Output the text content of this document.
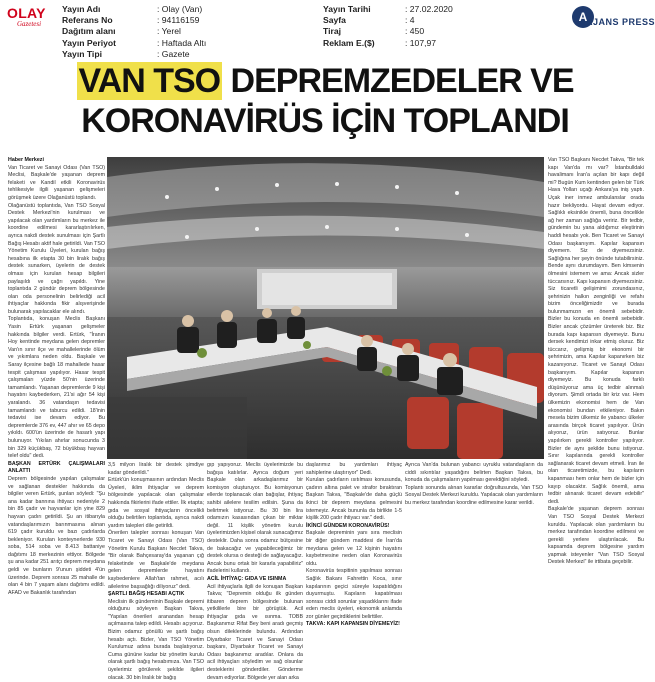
OLAY
Gazetesi
Yayın Adı	: Olay (Van)
Referans No	: 94116159
Dağıtım alanı	: Yerel
Yayın Periyot	: Haftada Altı
Yayın Tipi	: Gazete
Yayın Tarihi	: 27.02.2020
Sayfa	: 4
Tiraj	: 450
Reklam E.($)	: 107,97
A
AJANS PRESS
VAN TSO DEPREMZEDELER VE
KORONAVİRÜS İÇİN TOPLANDI

Haber Merkezi

Van Ticaret ve Sanayi Odası (Van TSO) Meclisi, Başkale'de yaşanan deprem felaketi ve Kandil etkili Koronavirüs tehlikesiyle ilgili yaşanan gelişmeleri görüşmek üzere Olağanüstü toplandı.

Olağanüstü toplantıda, Van TSO Sosyal Destek Merkezi'nin kurulması ve yapılacak olan yardımların bu merkez ile koordine edilmesi kararlaştırılırken, ayrıca nakdi destek sunulması için Şartlı Bağış Hesabı aktif hale getirildi. Van TSO Yönetim Kurulu Üyeleri, kurulan bağış hesabına ilk etapta 30 bin liralık bağış destek sunarken, üyelerin de destek olması için kurulan hesap bilgileri paylaşıldı ve çağrı yapıldı. Yine toplantıda 2 gündür deprem bölgesinde olan oda personelinin belirlediği acil ihtiyaçlar hakkında fikir alışverişinde bulunarak yapılacaklar ele alındı.

Toplantıda, konuşan Meclis Başkanı Yasin Ertürk yaşanan gelişmeler hakkında bilgiler verdi. Ertürk, "İranın Hoy kentinde meydana gelen depremler Van'ın sınır ilçe ve mahallelerinde ölüm ve yıkımlara neden oldu. Başkale ve Saray ilçesine bağlı 18 mahallede hasar tespit çalışması yapılıyor. Hasar tespit çalışmaları yüzde 50'nin üzerinde tamamlandı. Yaşanan depremlerde 9 kişi hayatını kaybederken, 21'si ağır 54 kişi yaralandı. 36 vatandaşın tedavisi tamamlandı ve taburcu edildi. 18'inin tedavisi ise devam ediyor. Bu depremlerde 376 ev, 447 ahır ve 65 depo yıkıldı. 600'ün üzerinde de hasarlı yapı bulunuyor. Yıkılan ahırlar sonucunda 3 bin 329 küçükbaş, 72 büyükbaş hayvan telef oldu" dedi.

BAŞKAN ERTÜRK ÇALIŞMALARI ANLATTI

Deprem bölgesinde yapılan çalışmalar ve sağlanan destekler hakkında da bilgiler veren Ertürk, şunları söyledi: "Şu ana kadar bannına ihtiyacı nedeniyle 2 bin 85 çadır ve hayvanlar için yine 829 hayvan çadırı getirildi. Şu an itibarıyla vatandaşlarımızın barınmasına alınan 619 çadır kuruldu ve bazı çadırlarda bekleniyor. Kurulan konteynerlerde 930 soba, 514 soba ve 8.413 battaniye dağıtımı 18 merkezinin ettiyor. Bölgede şu ana kadar 251 arıtçı deprem meydana geldi ve bunların 9'unun şiddeti 4'ün üzerinde. Deprem sonrası 25 mahalle de olan 4 bin 7 yaşam alanı dağıtımı edildi. AFAD ve Bakanlık tarafından

3,5 milyon liralık bir destek şimdiye kadar gönderildi."

Ertürk'ün konuşmasının ardından Meclis Üyeleri, iklim ihtiyaçlar ve deprem bölgesinde yapılacak olan çalışmalar hakkında fikirlerini ifade ettiler. İlk etapta; gıda ve sosyal ihtiyaçların öncelikli olduğu belirtilen toplantıda, ayrıca nakdi yardım talepleri dile getirildi.

Önerilen talepler sonrası konuşan Van Ticaret ve Sanayi Odası (Van TSO) Yönetim Kurulu Başkanı Necdet Takva, "Bir olarak Bahçesaray'da yaşanan çığ felaketinde ve Başkale'de meydana gelen depremlerde hayatını kaybedenlere Allah'tan rahmet, acılı ailelerine başsağlığı diliyoruz" dedi.

ŞARTLI BAĞIŞ HESABI AÇTIK

Meclisin ilk gündeminin Başkale depremi olduğunu söyleyen Başkan Takva, "Yapılan önerileri aranandan hesap açılmasına talep edildi. Hesabı açıyoruz. Bizim odamız gönüllü ve şartlı bağış hesabı açtı. Bizler, Van TSO Yönetim Kurulumuz adına burada başlatıyoruz. Cuma gününe kadar biz yönetim kurulu olarak şartlı bağış hesabımıza. Van TSO üyelerimiz görülerek şekilde ilgileri olacak. 30 bin liralık bir bağış

gıp yapıyoruz. Meclis üyelerimizde bu bağışa katılırlar. Ayrıca doğum yeri Başkale olan arkadaşlarımız bir komisyon oluşturuyor. Bu komisyonun ellerde toplanacak olan bağışlar, ihtiyaç sahibi ailelere tesilim edilsin. Şuna da belirtmek istiyoruz. Bu 30 bin lira odamızın kasasından çıkan bir miktar değil. 11 kişilik yönetim kurulu üyelerimizden kişisel olarak sunacağımız desteklir. Daha sonra odamız bütçesine de bakacağız ve yapabileceğimiz bir destek olursa o desteği de sağlayacağız. Ancak bunu ortak bir kararla yapabiliriz" ifadelerini kullandı.

ACİL İHTİYAÇ: GIDA VE ISINMA

Acil ihtiyaçlarla ilgili de konuşan Başkan Takva; "Depremin olduğu ilk günden itibaren deprem bölgesinde bulunan yetkililerle bire bir görüştük. Acil ihtiyaçlar gıda ve ısınma. TOBB Başkanımız Rifat Bey beni aradı geçmiş olsun dileklerinde bulundu. Ardından Diyarbakır Ticaret ve Sanayi Odası başkanı, Diyarbakır Ticaret ve Sanayi Odası başkanımız aradılar. Onlara da acil ihtiyaçları söyledim ve sağ olsunlar desteklerini gönderdiler. Gönderme devam ediyorlar. Bölgede yer alan arka

daşlarımız bu yardımları ihtiyaç sahiplerine ulaştırıyor" Dedi.

Kurulan çadırların ısıtılması konusunda, çadırın altına palet ve strafor bıraktıran Başkan Takva, "Başkale'de daha güçlü ikinci bir deprem meydana gelmesini istemeyiz. Ancak bununla da birlikte 1-5 kişilik 200 çadır ihtiyacı var." dedi.

İKİNCİ GÜNDEM KORONAVİRÜS!

Başkale depreminin yanı sıra meclisin bir diğer gündem maddesi de İran'da meydana gelen ve 12 kişinin hayatını kaybetmesine neden olan Koronavirüs oldu.

Koronavirüs tespitinin yapılması sonrası Sağlık Bakanı Fahrettin Koca, sınır kapılarının geçici süreyle kapatıldığını duyurmuştu. Kapıların kapatılması sonrası ciddi sorunlar yaşadıklarını ifade eden meclis üyeleri, ekonomik anlamda zor günler geçirdiklerini belirttiler.

TAKVA: KAPI KAPANSIN DİYEMEYİZ!

Ayrıca Van'da bulunan yabancı uyruklu vatandaşların da ciddi sıkıntılar yaşadığını belirten Başkan Takva, bu konuda da çalışmaların yapılması gerektiğini söyledi.

Toplantı sonunda alınan kararlar doğrultusunda, Van TSO Sosyal Destek Merkezi kuruldu. Yapılacak olan yardımların bu merkez tarafından koordine edilmesine karar verildi.

Van TSO Başkanı Necdet Takva, "Bir tek kapı Van'da mı var? İstanbulldaki havalimanı İran'a açılan bir kapı değil mi? Bugün Kum kentinden gelen bir Türk Hava Yolları uçağı Ankara'ya iniş yaptı. Uçak iner inmez ambulanslar orada hazır bekliyordu. Hayat devam ediyor. Sağlıklı eksinikle önemli, buna öncelikle ağ her zaman sağlığa veririz. Bir tedbir, gündemin bu yana aldığımız eleştirinin haddi hesabı yok. Ben Ticaret ve Sanayi Odası başkanıyım. Kapılar kapansın diyemem. Siz de diyemezsiniz. Sağlığına her şeyin önünde tutabilirsiniz. Bende aynı durumdayım. Ben kimsenin ölmesini istemem ve ama: Ancak sizler tüccarsınız. Kapı kapansın diyemezsiniz. Siz ticaretli gelişimimi zorundasınız, şehrinizin halkın zenginliği ve refahı bizim önceliğimizdir ve burada bulunmamızın en önemli sebebidir. Bizler bu konuda en önemli sebebidir. Bizler ancak çözümler üreterek biz. Biz burada kapı kapansın diyemeyiz. Bunu dersek kendimizi inkar etmiş oluruz. Biz tüccarız, gelişmiş bir ekonomi bir şehrimizin, ama Kapılar kapanırken biz kazanıyoruz. Ticaret ve Sanayi Odası başkanıyım. Kapılar kapansın diyemeyiz. Bu konuda farklı düşünüyoruz ama üç tedbir alınmalı diyorum. Şimdi ortada bir kriz var. Hem ülkemizin ekonomisi hem de Van ekonomisi bundan etkileniyor. Bakın mesela bizim ülkemiz ile yabancı ülkeler arasında birçok ticaret yapılıyor. Ürün alıyoruz, ürün satıyoruz. Bunlar yapılırken gerekli kontroller yapılıyor. Bizler de aynı şekilde bunu istiyoruz. Sınır kapılarında gerekli kontroller sağlanarak ticaret devam etmeli. İran ile olan ticaretimizde, bu kapıların kapanması hem onlar hem de bizler için kayıp olacaktır. Sağlık önemli, ama tedbir alınarak ticaret devam edebilir" dedi.

Başkale'de yaşanan deprem sonrası Van TSO Sosyal Destek Merkezi kuruldu. Yapılacak olan yardımların bu merkez tarafından koordine edilmesi ve gerekli yerlere ulaştırılacak. Bu kapsamda deprem bölgesine yardım yapmak isteyenler "Van TSO Sosyal Destek Merkezi" ile irtibata geçebilir.
